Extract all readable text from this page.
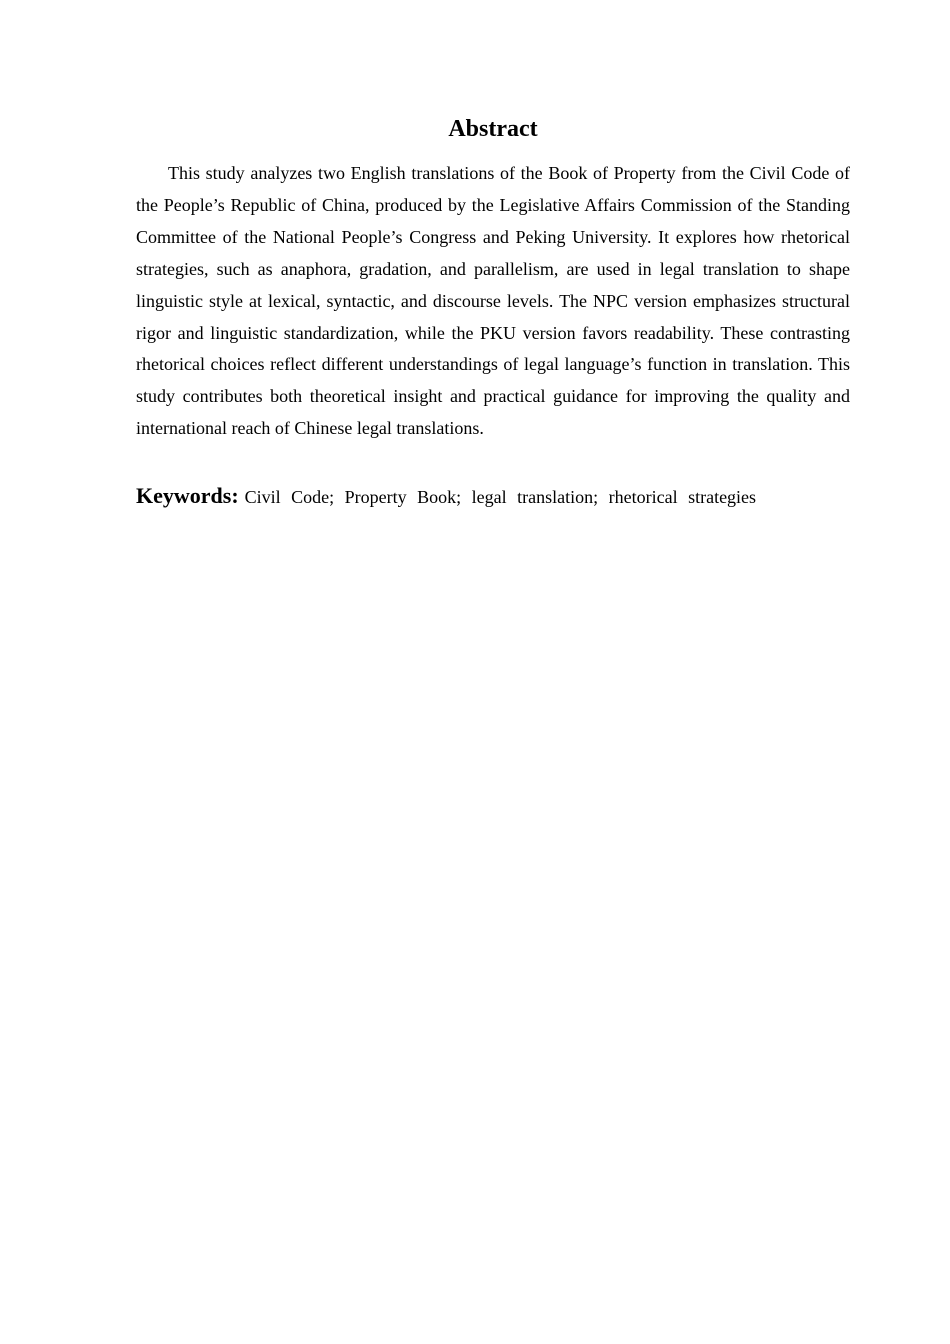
Abstract

This study analyzes two English translations of the Book of Property from the Civil Code of the People’s Republic of China, produced by the Legislative Affairs Commission of the Standing Committee of the National People’s Congress and Peking University. It explores how rhetorical strategies, such as anaphora, gradation, and parallelism, are used in legal translation to shape linguistic style at lexical, syntactic, and discourse levels. The NPC version emphasizes structural rigor and linguistic standardization, while the PKU version favors readability. These contrasting rhetorical choices reflect different understandings of legal language’s function in translation. This study contributes both theoretical insight and practical guidance for improving the quality and international reach of Chinese legal translations.

Keywords: Civil Code; Property Book; legal translation; rhetorical strategies
